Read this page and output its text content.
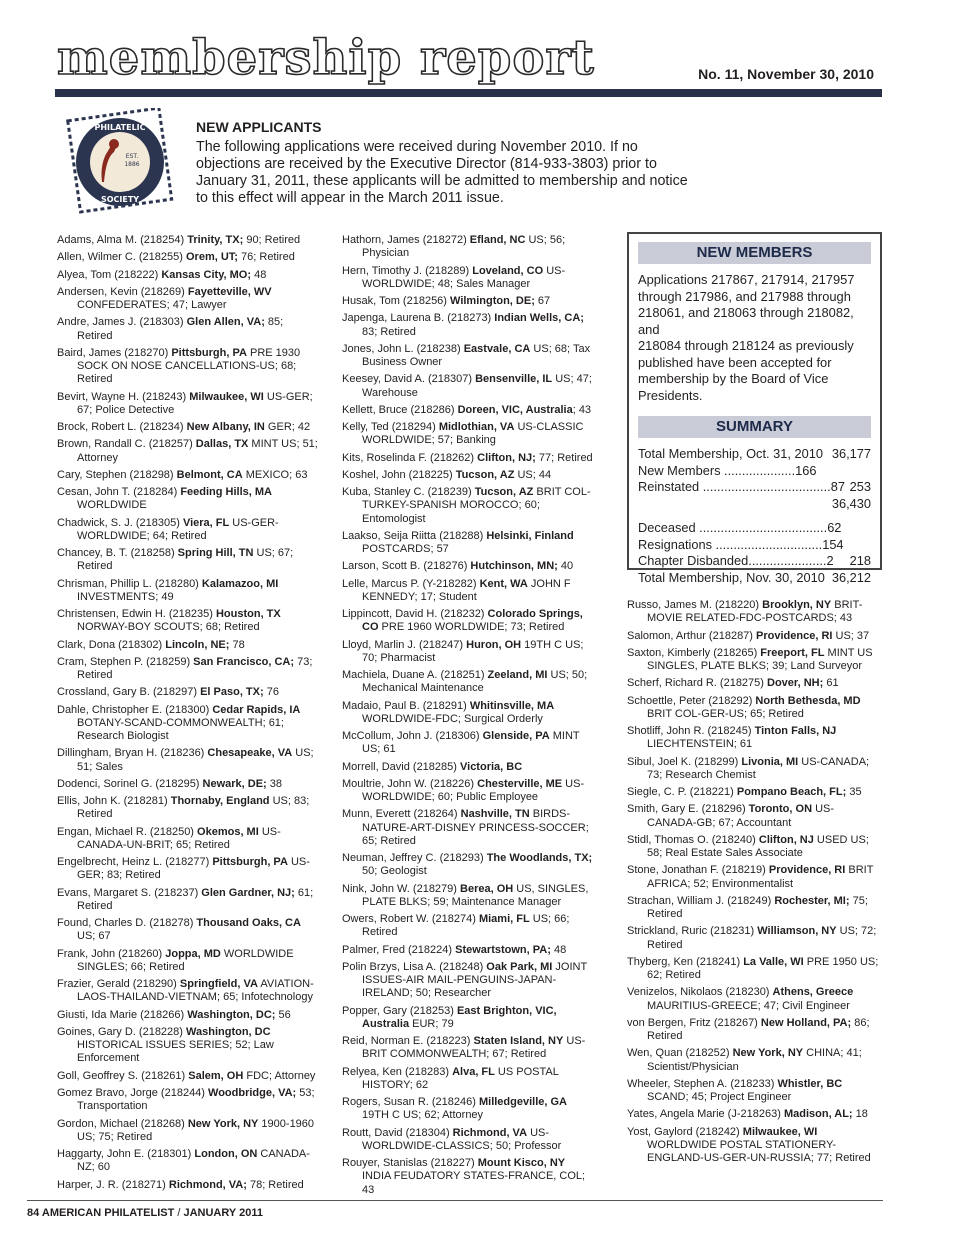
membership report	No. 11, November 30, 2010
PHILATELIC
SOCIETY
EST.
1886
NEW APPLICANTS

The following applications were received during November 2010. If no
objections are received by the Executive Director (814-933-3803) prior to
January 31, 2011, these applicants will be admitted to membership and notice
to this effect will appear in the March 2011 issue.

Adams, Alma M. (218254) Trinity, TX; 90; Retired
Allen, Wilmer C. (218255) Orem, UT; 76; Retired
Alyea, Tom (218222) Kansas City, MO; 48
Andersen, Kevin (218269) Fayetteville, WV CONFEDERATES; 47; Lawyer
Andre, James J. (218303) Glen Allen, VA; 85; Retired
Baird, James (218270) Pittsburgh, PA PRE 1930 SOCK ON NOSE CANCELLATIONS-US; 68; Retired
Bevirt, Wayne H. (218243) Milwaukee, WI US-GER; 67; Police Detective
Brock, Robert L. (218234) New Albany, IN GER; 42
Brown, Randall C. (218257) Dallas, TX MINT US; 51; Attorney
Cary, Stephen (218298) Belmont, CA MEXICO; 63
Cesan, John T. (218284) Feeding Hills, MA WORLDWIDE
Chadwick, S. J. (218305) Viera, FL US-GER-WORLDWIDE; 64; Retired
Chancey, B. T. (218258) Spring Hill, TN US; 67; Retired
Chrisman, Phillip L. (218280) Kalamazoo, MI INVESTMENTS; 49
Christensen, Edwin H. (218235) Houston, TX NORWAY-BOY SCOUTS; 68; Retired
Clark, Dona (218302) Lincoln, NE; 78
Cram, Stephen P. (218259) San Francisco, CA; 73; Retired
Crossland, Gary B. (218297) El Paso, TX; 76
Dahle, Christopher E. (218300) Cedar Rapids, IA BOTANY-SCAND-COMMONWEALTH; 61; Research Biologist
Dillingham, Bryan H. (218236) Chesapeake, VA US; 51; Sales
Dodenci, Sorinel G. (218295) Newark, DE; 38
Ellis, John K. (218281) Thornaby, England US; 83; Retired
Engan, Michael R. (218250) Okemos, MI US-CANADA-UN-BRIT; 65; Retired
Engelbrecht, Heinz L. (218277) Pittsburgh, PA US-GER; 83; Retired
Evans, Margaret S. (218237) Glen Gardner, NJ; 61; Retired
Found, Charles D. (218278) Thousand Oaks, CA US; 67
Frank, John (218260) Joppa, MD WORLDWIDE SINGLES; 66; Retired
Frazier, Gerald (218290) Springfield, VA AVIATION-LAOS-THAILAND-VIETNAM; 65; Infotechnology
Giusti, Ida Marie (218266) Washington, DC; 56
Goines, Gary D. (218228) Washington, DC HISTORICAL ISSUES SERIES; 52; Law Enforcement
Goll, Geoffrey S. (218261) Salem, OH FDC; Attorney
Gomez Bravo, Jorge (218244) Woodbridge, VA; 53; Transportation
Gordon, Michael (218268) New York, NY 1900-1960 US; 75; Retired
Haggarty, John E. (218301) London, ON CANADA-NZ; 60
Harper, J. R. (218271) Richmond, VA; 78; Retired
Hathorn, James (218272) Efland, NC US; 56; Physician
Hern, Timothy J. (218289) Loveland, CO US-WORLDWIDE; 48; Sales Manager
Husak, Tom (218256) Wilmington, DE; 67
Japenga, Laurena B. (218273) Indian Wells, CA; 83; Retired
Jones, John L. (218238) Eastvale, CA US; 68; Tax Business Owner
Keesey, David A. (218307) Bensenville, IL US; 47; Warehouse
Kellett, Bruce (218286) Doreen, VIC, Australia; 43
Kelly, Ted (218294) Midlothian, VA US-CLASSIC WORLDWIDE; 57; Banking
Kits, Roselinda F. (218262) Clifton, NJ; 77; Retired
Koshel, John (218225) Tucson, AZ US; 44
Kuba, Stanley C. (218239) Tucson, AZ BRIT COL-TURKEY-SPANISH MOROCCO; 60; Entomologist
Laakso, Seija Riitta (218288) Helsinki, Finland POSTCARDS; 57
Larson, Scott B. (218276) Hutchinson, MN; 40
Lelle, Marcus P. (Y-218282) Kent, WA JOHN F KENNEDY; 17; Student
Lippincott, David H. (218232) Colorado Springs, CO PRE 1960 WORLDWIDE; 73; Retired
Lloyd, Marlin J. (218247) Huron, OH 19TH C US; 70; Pharmacist
Machiela, Duane A. (218251) Zeeland, MI US; 50; Mechanical Maintenance
Madaio, Paul B. (218291) Whitinsville, MA WORLDWIDE-FDC; Surgical Orderly
McCollum, John J. (218306) Glenside, PA MINT US; 61
Morrell, David (218285) Victoria, BC
Moultrie, John W. (218226) Chesterville, ME US-WORLDWIDE; 60; Public Employee
Munn, Everett (218264) Nashville, TN BIRDS-NATURE-ART-DISNEY PRINCESS-SOCCER; 65; Retired
Neuman, Jeffrey C. (218293) The Woodlands, TX; 50; Geologist
Nink, John W. (218279) Berea, OH US, SINGLES, PLATE BLKS; 59; Maintenance Manager
Owers, Robert W. (218274) Miami, FL US; 66; Retired
Palmer, Fred (218224) Stewartstown, PA; 48
Polin Brzys, Lisa A. (218248) Oak Park, MI JOINT ISSUES-AIR MAIL-PENGUINS-JAPAN-IRELAND; 50; Researcher
Popper, Gary (218253) East Brighton, VIC, Australia EUR; 79
Reid, Norman E. (218223) Staten Island, NY US-BRIT COMMONWEALTH; 67; Retired
Relyea, Ken (218283) Alva, FL US POSTAL HISTORY; 62
Rogers, Susan R. (218246) Milledgeville, GA 19TH C US; 62; Attorney
Routt, David (218304) Richmond, VA US-WORLDWIDE-CLASSICS; 50; Professor
Rouyer, Stanislas (218227) Mount Kisco, NY INDIA FEUDATORY STATES-FRANCE, COL; 43
Russo, James M. (218220) Brooklyn, NY BRIT-MOVIE RELATED-FDC-POSTCARDS; 43
Salomon, Arthur (218287) Providence, RI US; 37
Saxton, Kimberly (218265) Freeport, FL MINT US SINGLES, PLATE BLKS; 39; Land Surveyor
Scherf, Richard R. (218275) Dover, NH; 61
Schoettle, Peter (218292) North Bethesda, MD BRIT COL-GER-US; 65; Retired
Shotliff, John R. (218245) Tinton Falls, NJ LIECHTENSTEIN; 61
Sibul, Joel K. (218299) Livonia, MI US-CANADA; 73; Research Chemist
Siegle, C. P. (218221) Pompano Beach, FL; 35
Smith, Gary E. (218296) Toronto, ON US-CANADA-GB; 67; Accountant
Stidl, Thomas O. (218240) Clifton, NJ USED US; 58; Real Estate Sales Associate
Stone, Jonathan F. (218219) Providence, RI BRIT AFRICA; 52; Environmentalist
Strachan, William J. (218249) Rochester, MI; 75; Retired
Strickland, Ruric (218231) Williamson, NY US; 72; Retired
Thyberg, Ken (218241) La Valle, WI PRE 1950 US; 62; Retired
Venizelos, Nikolaos (218230) Athens, Greece MAURITIUS-GREECE; 47; Civil Engineer
von Bergen, Fritz (218267) New Holland, PA; 86; Retired
Wen, Quan (218252) New York, NY CHINA; 41; Scientist/Physician
Wheeler, Stephen A. (218233) Whistler, BC SCAND; 45; Project Engineer
Yates, Angela Marie (J-218263) Madison, AL; 18
Yost, Gaylord (218242) Milwaukee, WI WORLDWIDE POSTAL STATIONERY-ENGLAND-US-GER-UN-RUSSIA; 77; Retired
NEW MEMBERS
Applications 217867, 217914, 217957
through 217986, and 217988 through
218061, and 218063 through 218082, and
218084 through 218124 as previously
published have been accepted for
membership by the Board of Vice
Presidents.
SUMMARY
Total Membership, Oct. 31, 2010 36,177
New Members ....................166
Reinstated ....................................87 253
36,430
Deceased ....................................62
Resignations ..............................154
Chapter Disbanded......................2 218
Total Membership, Nov. 30, 2010 36,212
84 AMERICAN PHILATELIST / JANUARY 2011
